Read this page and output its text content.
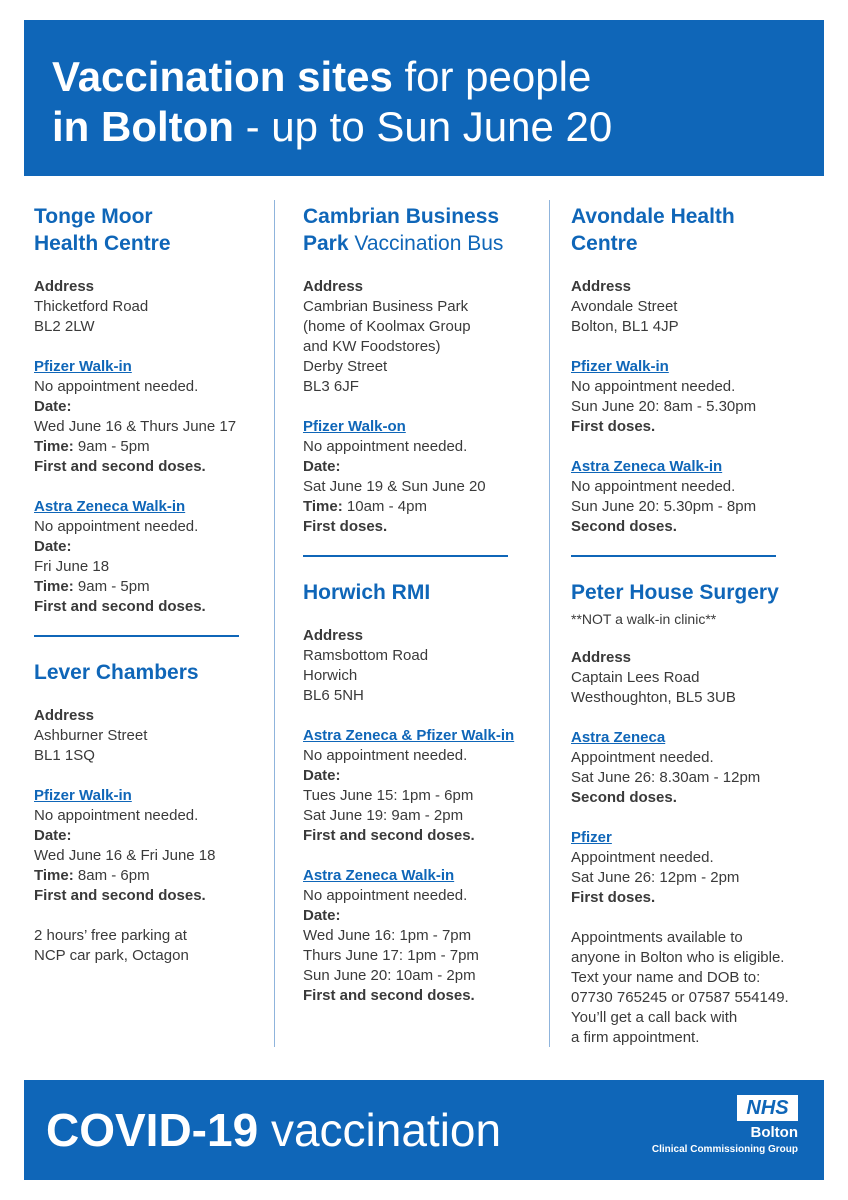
Vaccination sites for people
in Bolton - up to Sun June 20
Tonge Moor
Health Centre
Address
Thicketford Road
BL2 2LW
Pfizer Walk-in
No appointment needed.
Date:
Wed June 16 & Thurs June 17
Time: 9am - 5pm
First and second doses.
Astra Zeneca Walk-in
No appointment needed.
Date:
Fri June 18
Time: 9am - 5pm
First and second doses.
Lever Chambers
Address
Ashburner Street
BL1 1SQ
Pfizer Walk-in
No appointment needed.
Date:
Wed June 16 & Fri June 18
Time: 8am - 6pm
First and second doses.
2 hours’ free parking at
NCP car park, Octagon
Cambrian Business
Park Vaccination Bus
Address
Cambrian Business Park
(home of Koolmax Group
and KW Foodstores)
Derby Street
BL3 6JF
Pfizer Walk-on
No appointment needed.
Date:
Sat June 19 & Sun June 20
Time: 10am - 4pm
First doses.
Horwich RMI
Address
Ramsbottom Road
Horwich
BL6 5NH
Astra Zeneca & Pfizer Walk-in
No appointment needed.
Date:
Tues June 15: 1pm - 6pm
Sat June 19: 9am - 2pm
First and second doses.
Astra Zeneca Walk-in
No appointment needed.
Date:
Wed June 16: 1pm - 7pm
Thurs June 17: 1pm - 7pm
Sun June 20: 10am - 2pm
First and second doses.
Avondale Health
Centre
Address
Avondale Street
Bolton, BL1 4JP
Pfizer Walk-in
No appointment needed.
Sun June 20: 8am - 5.30pm
First doses.
Astra Zeneca Walk-in
No appointment needed.
Sun June 20: 5.30pm - 8pm
Second doses.
Peter House Surgery
**NOT a walk-in clinic**
Address
Captain Lees Road
Westhoughton, BL5 3UB
Astra Zeneca
Appointment needed.
Sat June 26: 8.30am - 12pm
Second doses.
Pfizer
Appointment needed.
Sat June 26: 12pm - 2pm
First doses.
Appointments available to
anyone in Bolton who is eligible.
Text your name and DOB to:
07730 765245 or 07587 554149.
You’ll get a call back with
a firm appointment.
COVID-19 vaccination	NHS
Bolton
Clinical Commissioning Group
